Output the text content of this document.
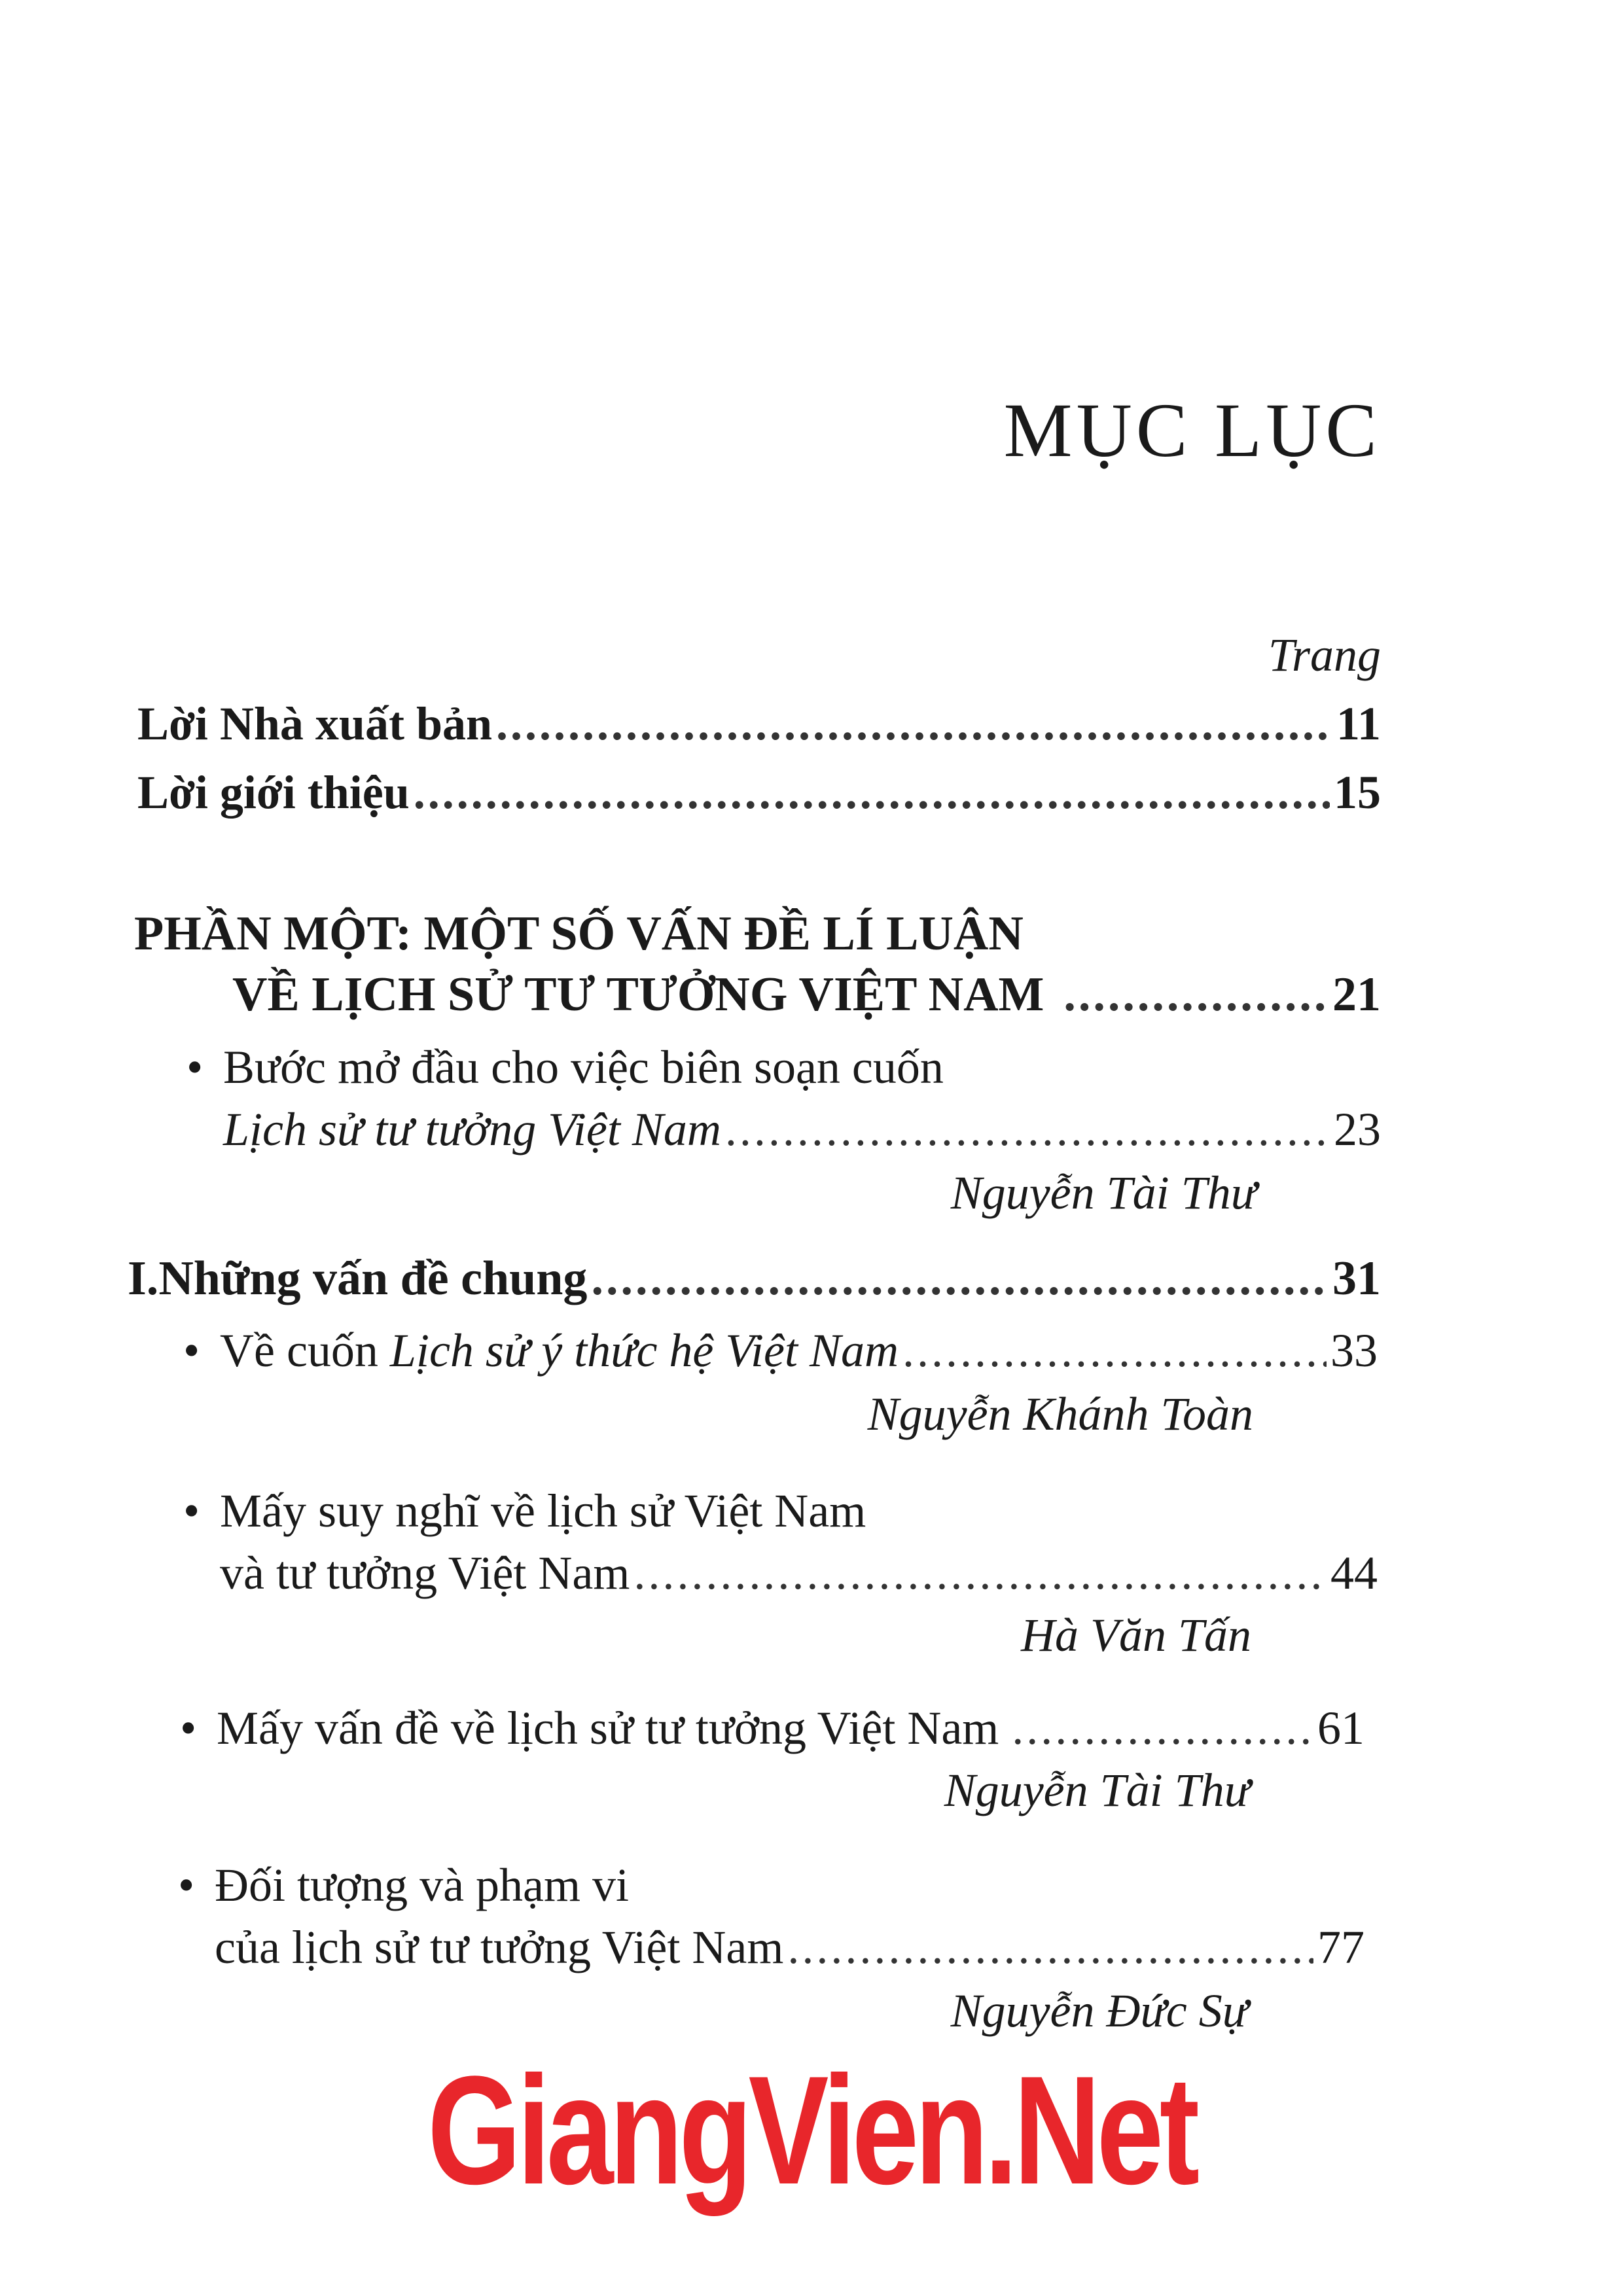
MỤC LỤC
Trang
Lời Nhà xuất bản .....	11
Lời giới thiệu .....	15
PHẦN MỘT: MỘT SỐ VẤN ĐỀ LÍ LUẬN
VỀ LỊCH SỬ TƯ TƯỞNG VIỆT NAM .....	21
• Bước mở đầu cho việc biên soạn cuốn
Lịch sử tư tưởng Việt Nam .....	23
Nguyễn Tài Thư
I. Những vấn đề chung .....	31
• Về cuốn Lịch sử ý thức hệ Việt Nam .....	33
Nguyễn Khánh Toàn
• Mấy suy nghĩ về lịch sử Việt Nam
và tư tưởng Việt Nam .....	44
Hà Văn Tấn
• Mấy vấn đề về lịch sử tư tưởng Việt Nam .....	61
Nguyễn Tài Thư
• Đối tượng và phạm vi
của lịch sử tư tưởng Việt Nam .....	77
Nguyễn Đức Sự
GiangVien.Net
